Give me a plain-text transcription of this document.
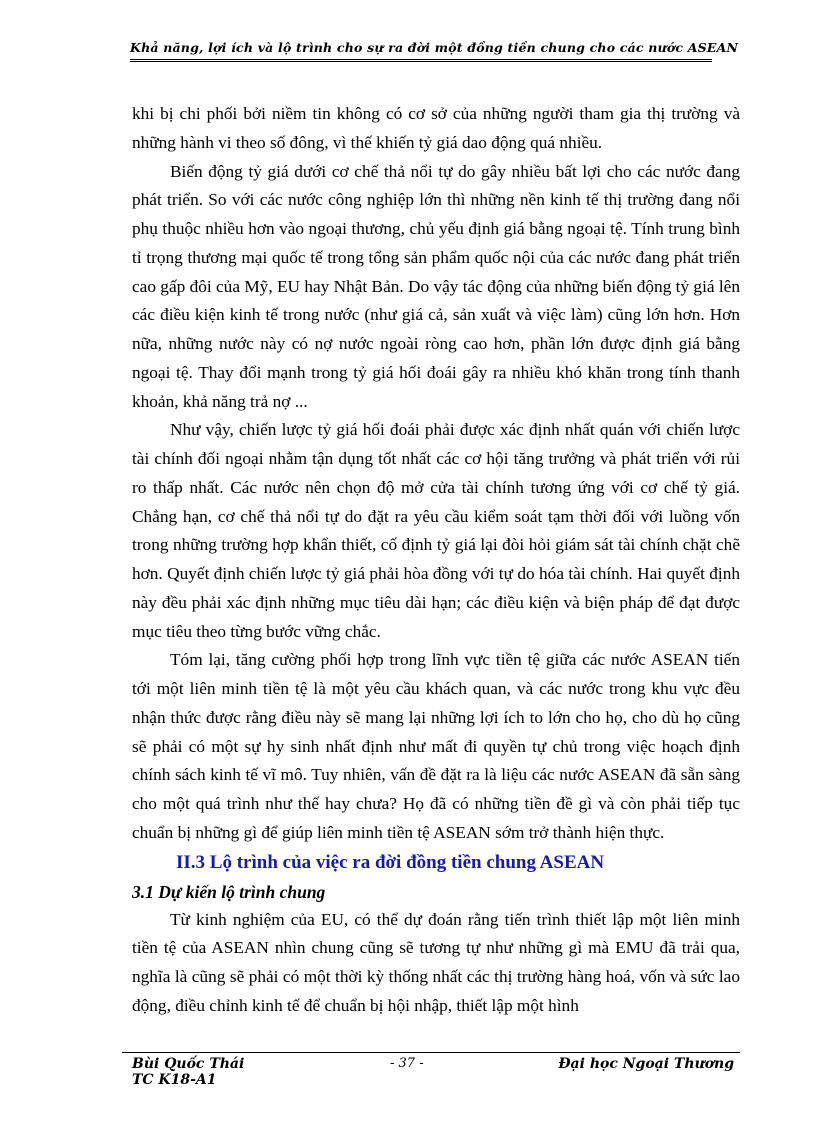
Khả năng, lợi ích và lộ trình cho sự ra đời một đồng tiền chung cho các nước ASEAN

khi bị chi phối bởi niềm tin không có cơ sở của những người tham gia thị trường và những hành vi theo số đông, vì thế khiến tỷ giá dao động quá nhiều.

Biến động tỷ giá dưới cơ chế thả nổi tự do gây nhiều bất lợi cho các nước đang phát triển. So với các nước công nghiệp lớn thì những nền kinh tế thị trường đang nổi phụ thuộc nhiều hơn vào ngoại thương, chủ yếu định giá bằng ngoại tệ. Tính trung bình tỉ trọng thương mại quốc tế trong tổng sản phẩm quốc nội của các nước đang phát triển cao gấp đôi của Mỹ, EU hay Nhật Bản. Do vậy tác động của những biến động tỷ giá lên các điều kiện kinh tế trong nước (như giá cả, sản xuất và việc làm) cũng lớn hơn. Hơn nữa, những nước này có nợ nước ngoài ròng cao hơn, phần lớn được định giá bằng ngoại tệ. Thay đổi mạnh trong tỷ giá hối đoái gây ra nhiều khó khăn trong tính thanh khoản, khả năng trả nợ ...

Như vậy, chiến lược tỷ giá hối đoái phải được xác định nhất quán với chiến lược tài chính đối ngoại nhằm tận dụng tốt nhất các cơ hội tăng trưởng và phát triển với rủi ro thấp nhất. Các nước nên chọn độ mở cửa tài chính tương ứng với cơ chế tỷ giá. Chẳng hạn, cơ chế thả nổi tự do đặt ra yêu cầu kiểm soát tạm thời đối với luồng vốn trong những trường hợp khẩn thiết, cố định tỷ giá lại đòi hỏi giám sát tài chính chặt chẽ hơn. Quyết định chiến lược tỷ giá phải hòa đồng với tự do hóa tài chính. Hai quyết định này đều phải xác định những mục tiêu dài hạn; các điều kiện và biện pháp để đạt được mục tiêu theo từng bước vững chắc.

Tóm lại, tăng cường phối hợp trong lĩnh vực tiền tệ giữa các nước ASEAN tiến tới một liên minh tiền tệ là một yêu cầu khách quan, và các nước trong khu vực đều nhận thức được rằng điều này sẽ mang lại những lợi ích to lớn cho họ, cho dù họ cũng sẽ phải có một sự hy sinh nhất định như mất đi quyền tự chủ trong việc hoạch định chính sách kinh tế vĩ mô. Tuy nhiên, vấn đề đặt ra là liệu các nước ASEAN đã sẵn sàng cho một quá trình như thế hay chưa? Họ đã có những tiền đề gì và còn phải tiếp tục chuẩn bị những gì để giúp liên minh tiền tệ ASEAN sớm trở thành hiện thực.

II.3 Lộ trình của việc ra đời đồng tiền chung ASEAN
3.1 Dự kiến lộ trình chung

Từ kinh nghiệm của EU, có thể dự đoán rằng tiến trình thiết lập một liên minh tiền tệ của ASEAN nhìn chung cũng sẽ tương tự như những gì mà EMU đã trải qua, nghĩa là cũng sẽ phải có một thời kỳ thống nhất các thị trường hàng hoá, vốn và sức lao động, điều chỉnh kinh tế để chuẩn bị hội nhập, thiết lập một hình

Bùi Quốc Thái
TC K18-A1
- 37 -	Đại học Ngoại Thương
